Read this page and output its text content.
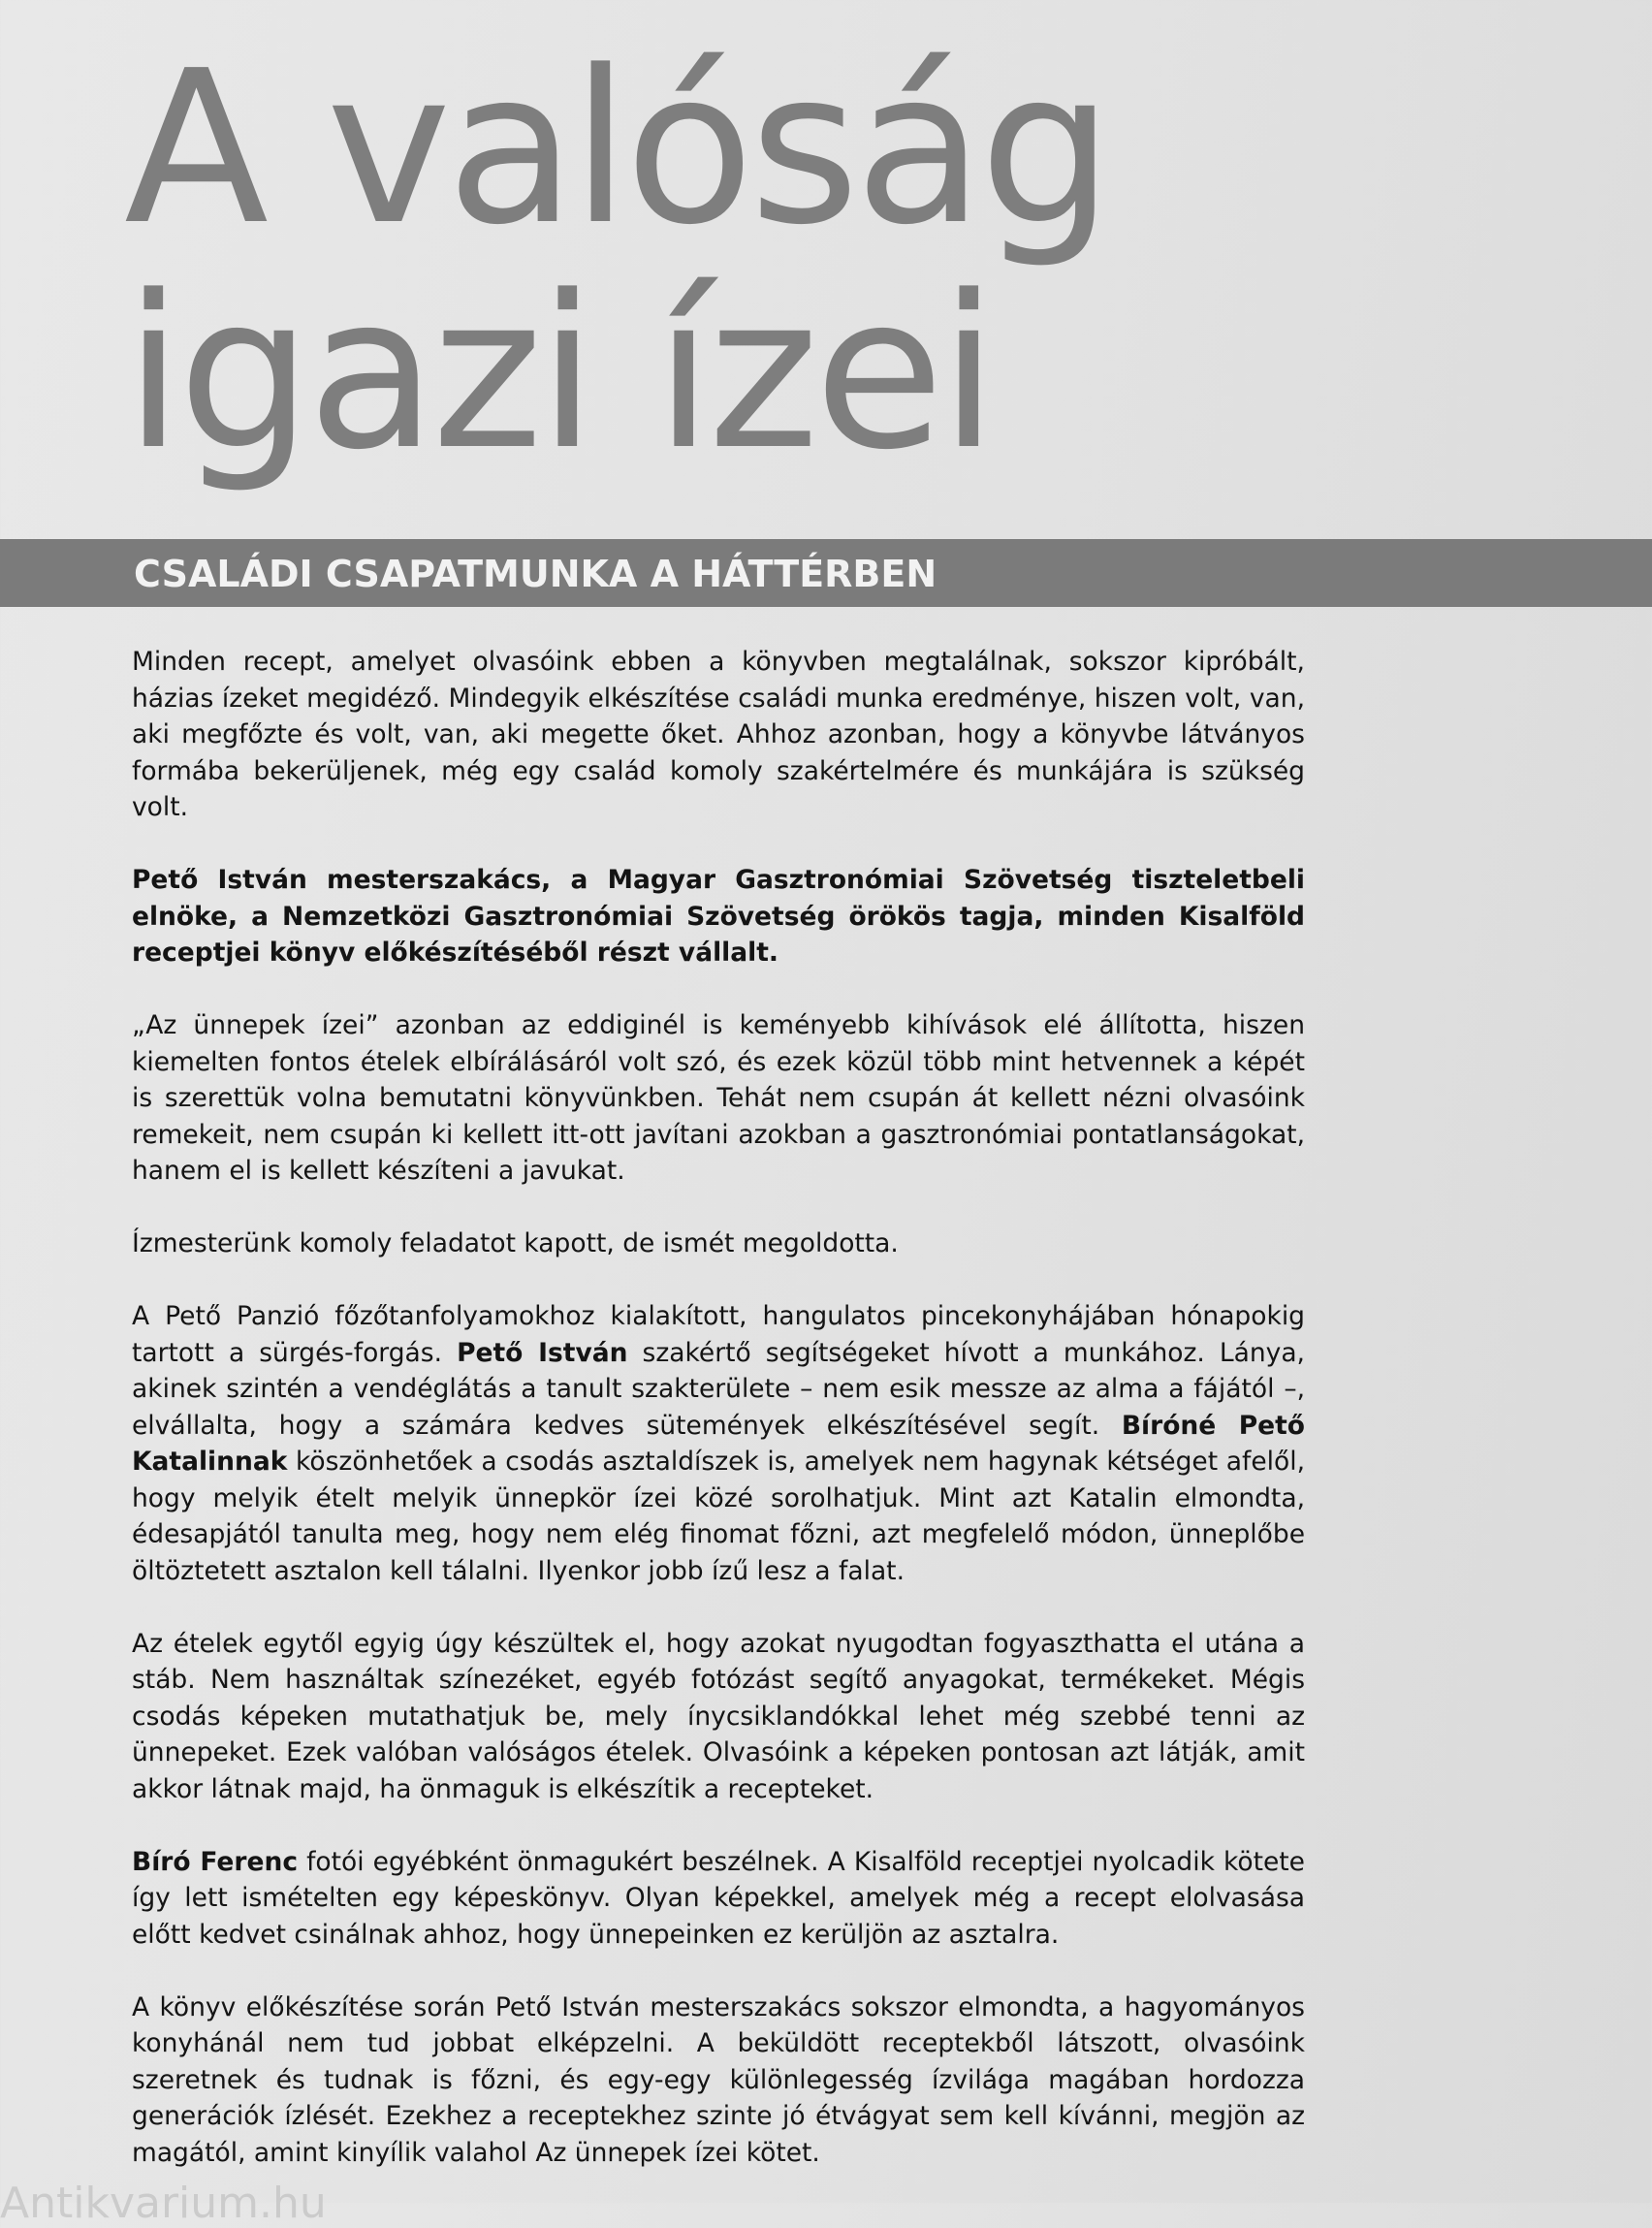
A valóság
igazi ízei
CSALÁDI CSAPATMUNKA A HÁTTÉRBEN

Minden recept, amelyet olvasóink ebben a könyvben megtalálnak, sokszor kipróbált, házias ízeket megidéző. Mindegyik elkészítése családi munka eredménye, hiszen volt, van, aki megfőzte és volt, van, aki megette őket. Ahhoz azonban, hogy a könyvbe látványos formába bekerüljenek, még egy család komoly szakértelmére és munkájára is szükség volt.

Pető István mesterszakács, a Magyar Gasztronómiai Szövetség tiszteletbeli elnöke, a Nemzetközi Gasztronómiai Szövetség örökös tagja, minden Kisalföld receptjei könyv előkészítéséből részt vállalt.

„Az ünnepek ízei” azonban az eddiginél is keményebb kihívások elé állította, hiszen kiemelten fontos ételek elbírálásáról volt szó, és ezek közül több mint hetvennek a képét is szerettük volna bemutatni könyvünkben. Tehát nem csupán át kellett nézni olvasóink remekeit, nem csupán ki kellett itt-ott javítani azokban a gasztronómiai pontatlanságokat, hanem el is kellett készíteni a javukat.

Ízmesterünk komoly feladatot kapott, de ismét megoldotta.

A Pető Panzió főzőtanfolyamokhoz kialakított, hangulatos pincekonyhájában hónapokig tartott a sürgés-forgás. Pető István szakértő segítségeket hívott a munkához. Lánya, akinek szintén a vendéglátás a tanult szakterülete – nem esik messze az alma a fájától –, elvállalta, hogy a számára kedves sütemények elkészítésével segít. Bíróné Pető Katalinnak köszönhetőek a csodás asztaldíszek is, amelyek nem hagynak kétséget afelől, hogy melyik ételt melyik ünnepkör ízei közé sorolhatjuk. Mint azt Katalin elmondta, édesapjától tanulta meg, hogy nem elég finomat főzni, azt megfelelő módon, ünneplőbe öltöztetett asztalon kell tálalni. Ilyenkor jobb ízű lesz a falat.

Az ételek egytől egyig úgy készültek el, hogy azokat nyugodtan fogyaszthatta el utána a stáb. Nem használtak színezéket, egyéb fotózást segítő anyagokat, termékeket. Mégis csodás képeken mutathatjuk be, mely ínycsiklandókkal lehet még szebbé tenni az ünnepeket. Ezek valóban valóságos ételek. Olvasóink a képeken pontosan azt látják, amit akkor látnak majd, ha önmaguk is elkészítik a recepteket.

Bíró Ferenc fotói egyébként önmagukért beszélnek. A Kisalföld receptjei nyolcadik kötete így lett ismételten egy képeskönyv. Olyan képekkel, amelyek még a recept elolvasása előtt kedvet csinálnak ahhoz, hogy ünnepeinken ez kerüljön az asztalra.

A könyv előkészítése során Pető István mesterszakács sokszor elmondta, a hagyományos konyhánál nem tud jobbat elképzelni. A beküldött receptekből látszott, olvasóink szeretnek és tudnak is főzni, és egy-egy különlegesség ízvilága magában hordozza generációk ízlését. Ezekhez a receptekhez szinte jó étvágyat sem kell kívánni, megjön az magától, amint kinyílik valahol Az ünnepek ízei kötet.

Antikvarium.hu
